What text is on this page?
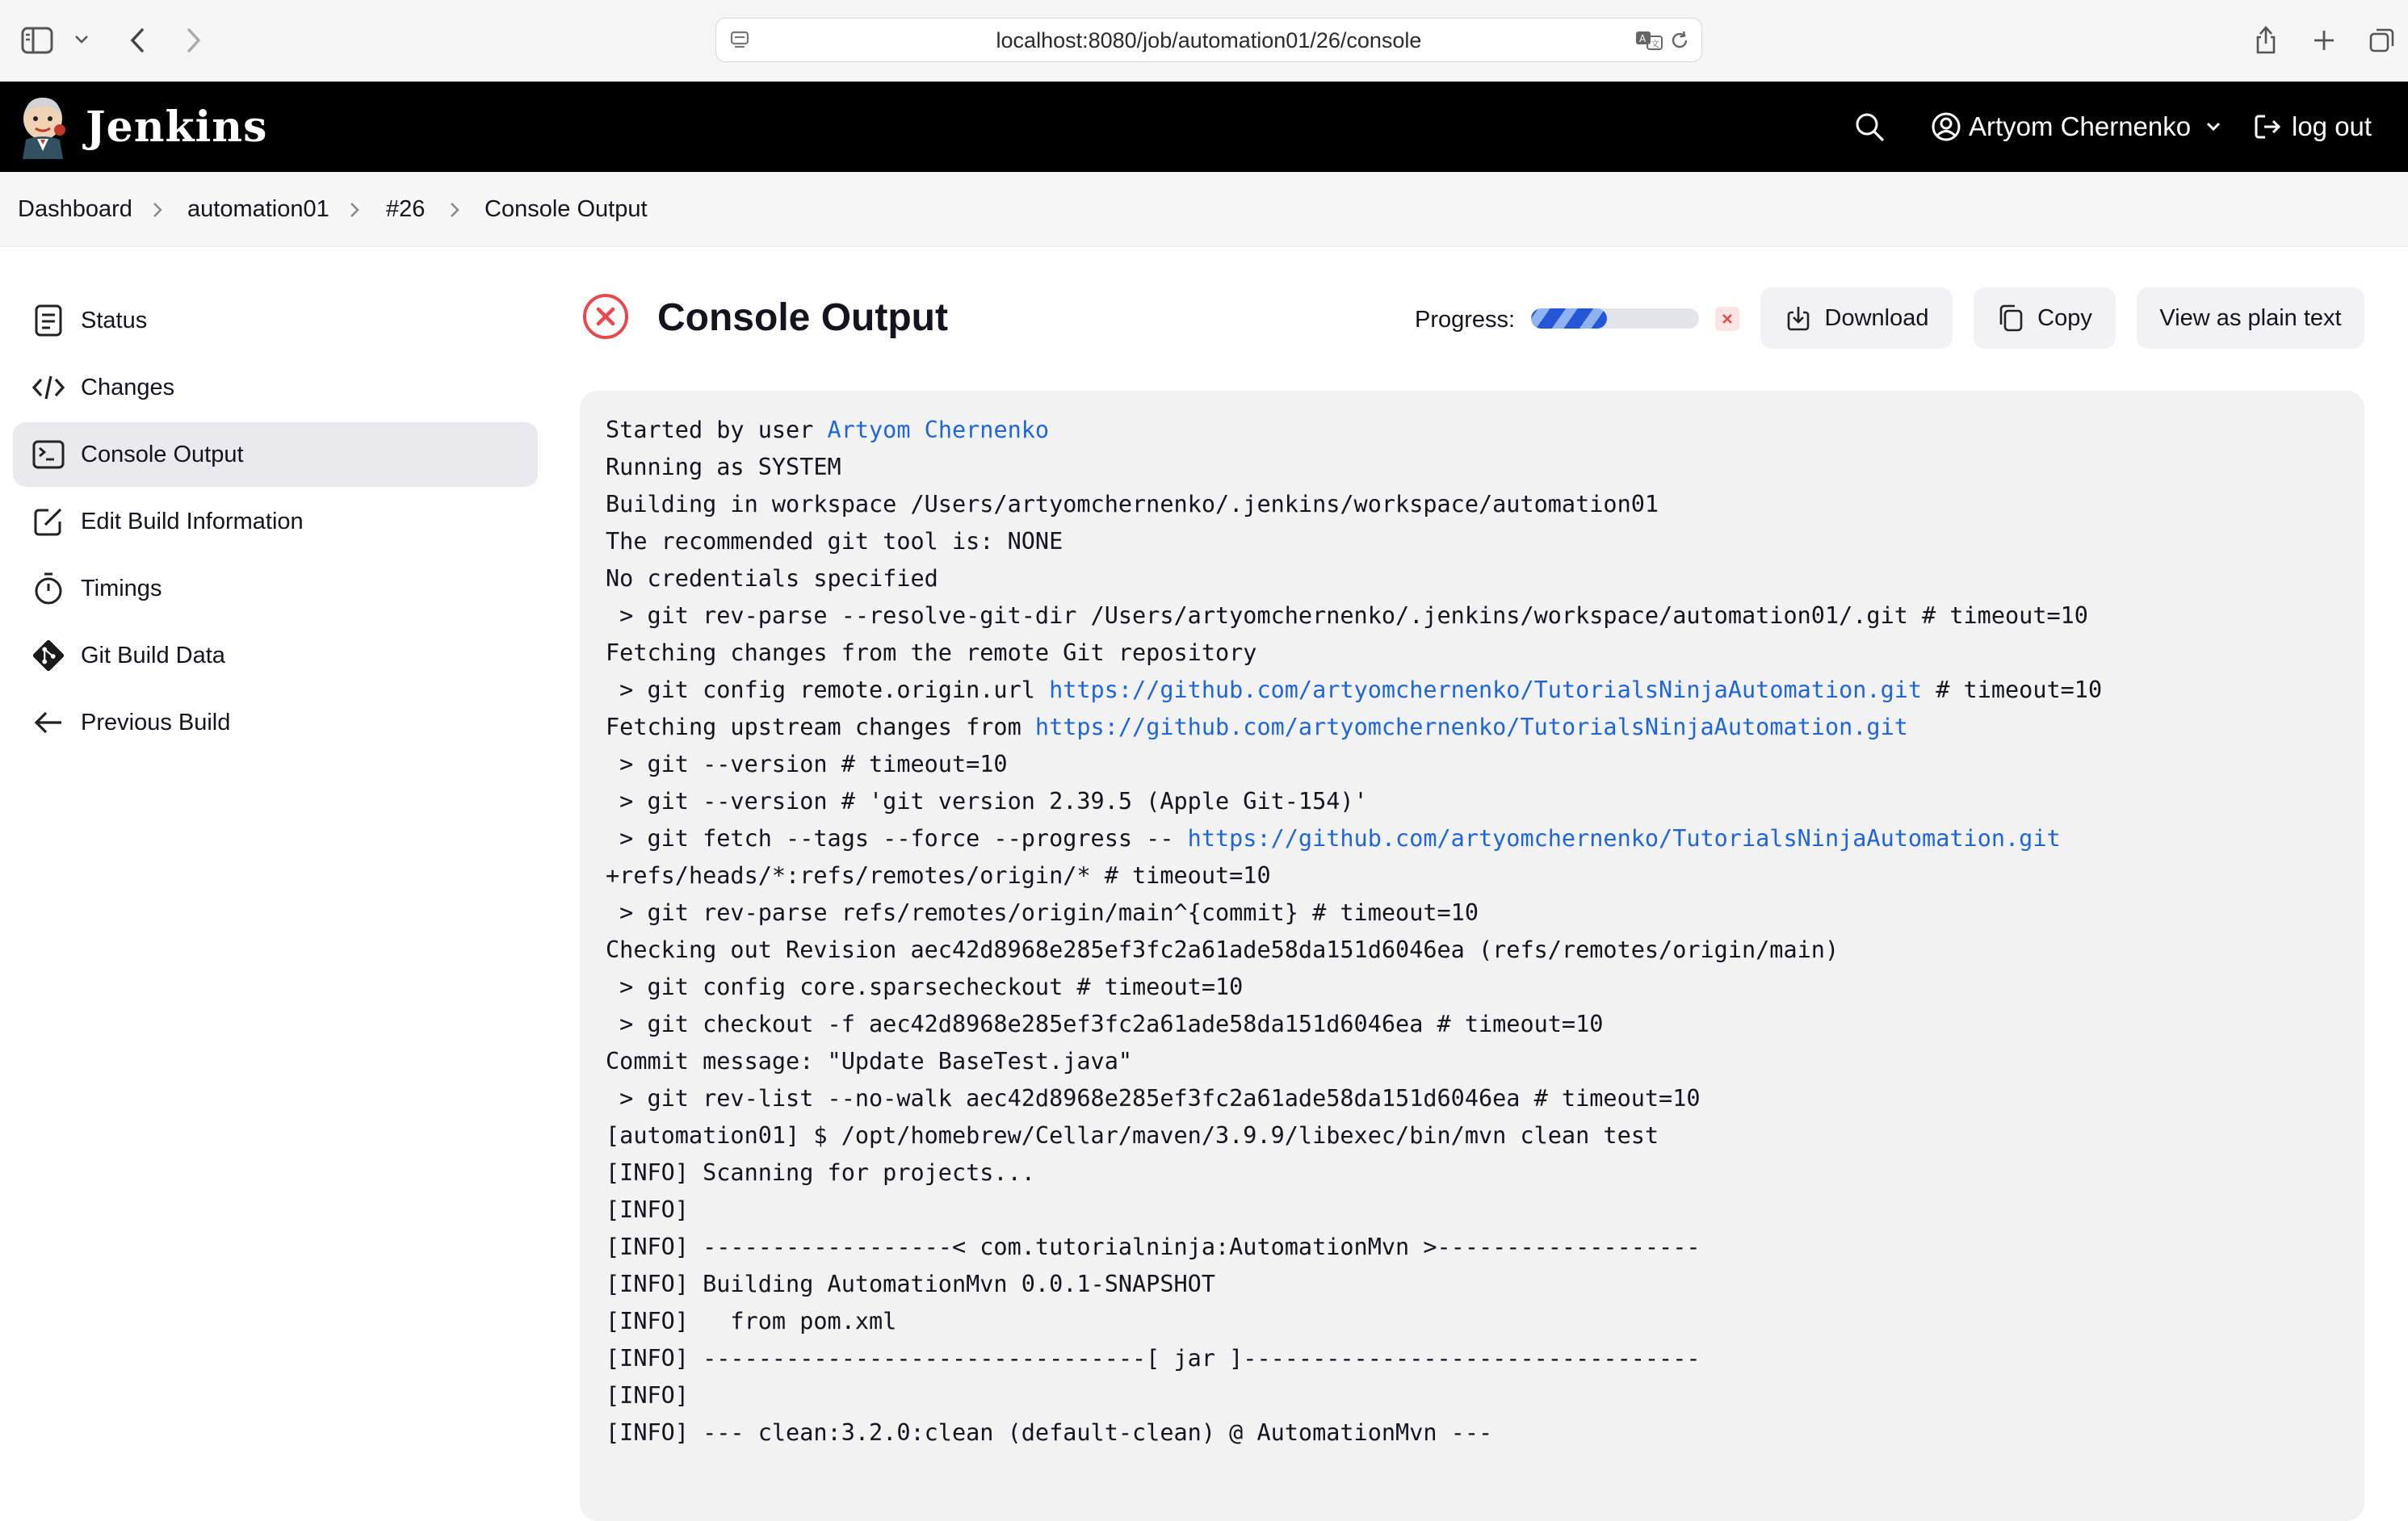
localhost:8080/job/automation01/26/console	A 文
Jenkins	Artyom Chernenko	log out
Dashboard automation01 #26	Console Output
Status
Changes
Console Output
Edit Build Information
Timings
Git Build Data
Previous Build
Console Output	Progress:	Download	Copy	View as plain text
Started by user Artyom Chernenko
Running as SYSTEM
Building in workspace /Users/artyomchernenko/.jenkins/workspace/automation01
The recommended git tool is: NONE
No credentials specified
> git rev-parse --resolve-git-dir /Users/artyomchernenko/.jenkins/workspace/automation01/.git # timeout=10
Fetching changes from the remote Git repository
> git config remote.origin.url https://github.com/artyomchernenko/TutorialsNinjaAutomation.git # timeout=10
Fetching upstream changes from https://github.com/artyomchernenko/TutorialsNinjaAutomation.git
> git --version # timeout=10
> git --version # 'git version 2.39.5 (Apple Git-154)'
> git fetch --tags --force --progress -- https://github.com/artyomchernenko/TutorialsNinjaAutomation.git
+refs/heads/*:refs/remotes/origin/* # timeout=10
> git rev-parse refs/remotes/origin/main^{commit} # timeout=10
Checking out Revision aec42d8968e285ef3fc2a61ade58da151d6046ea (refs/remotes/origin/main)
> git config core.sparsecheckout # timeout=10
> git checkout -f aec42d8968e285ef3fc2a61ade58da151d6046ea # timeout=10
Commit message: "Update BaseTest.java"
> git rev-list --no-walk aec42d8968e285ef3fc2a61ade58da151d6046ea # timeout=10
[automation01] $ /opt/homebrew/Cellar/maven/3.9.9/libexec/bin/mvn clean test
[INFO] Scanning for projects...
[INFO]
[INFO] ------------------< com.tutorialninja:AutomationMvn >-------------------
[INFO] Building AutomationMvn 0.0.1-SNAPSHOT
[INFO]   from pom.xml
[INFO] --------------------------------[ jar ]---------------------------------
[INFO]
[INFO] --- clean:3.2.0:clean (default-clean) @ AutomationMvn ---
